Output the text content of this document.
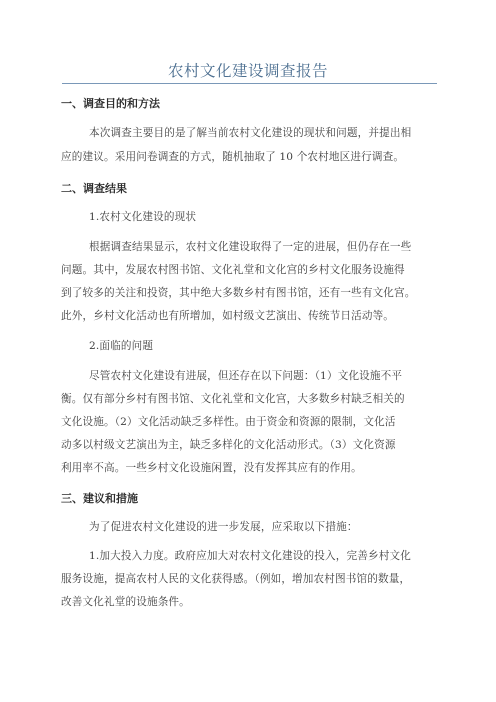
农村文化建设调查报告
一、调查目的和方法
本次调查主要目的是了解当前农村文化建设的现状和问题，并提出相
应的建议。采用问卷调查的方式，随机抽取了 10 个农村地区进行调查。
二、调查结果
1.农村文化建设的现状
根据调查结果显示，农村文化建设取得了一定的进展，但仍存在一些
问题。其中，发展农村图书馆、文化礼堂和文化宫的乡村文化服务设施得
到了较多的关注和投资，其中绝大多数乡村有图书馆，还有一些有文化宫。
此外，乡村文化活动也有所增加，如村级文艺演出、传统节日活动等。
2.面临的问题
尽管农村文化建设有进展，但还存在以下问题：（1）文化设施不平
衡。仅有部分乡村有图书馆、文化礼堂和文化宫，大多数乡村缺乏相关的
文化设施。（2）文化活动缺乏多样性。由于资金和资源的限制，文化活
动多以村级文艺演出为主，缺乏多样化的文化活动形式。（3）文化资源
利用率不高。一些乡村文化设施闲置，没有发挥其应有的作用。
三、建议和措施
为了促进农村文化建设的进一步发展，应采取以下措施：
1.加大投入力度。政府应加大对农村文化建设的投入，完善乡村文化
服务设施，提高农村人民的文化获得感。（例如，增加农村图书馆的数量，
改善文化礼堂的设施条件。
